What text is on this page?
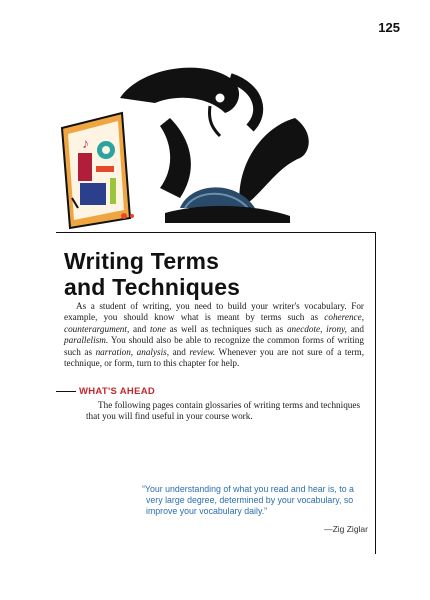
125
♪
Writing Terms
and Techniques

As a student of writing, you need to build your writer's vocabulary. For example, you should know what is meant by terms such as coherence, counterargument, and tone as well as techniques such as anecdote, irony, and parallelism. You should also be able to recognize the common forms of writing such as narration, analysis, and review. Whenever you are not sure of a term, technique, or form, turn to this chapter for help.

WHAT'S AHEAD
The following pages contain glossaries of writing terms and techniques that you will find useful in your course work.
“Your understanding of what you read and hear is, to a
very large degree, determined by your vocabulary, so
improve your vocabulary daily.”
—Zig Ziglar
